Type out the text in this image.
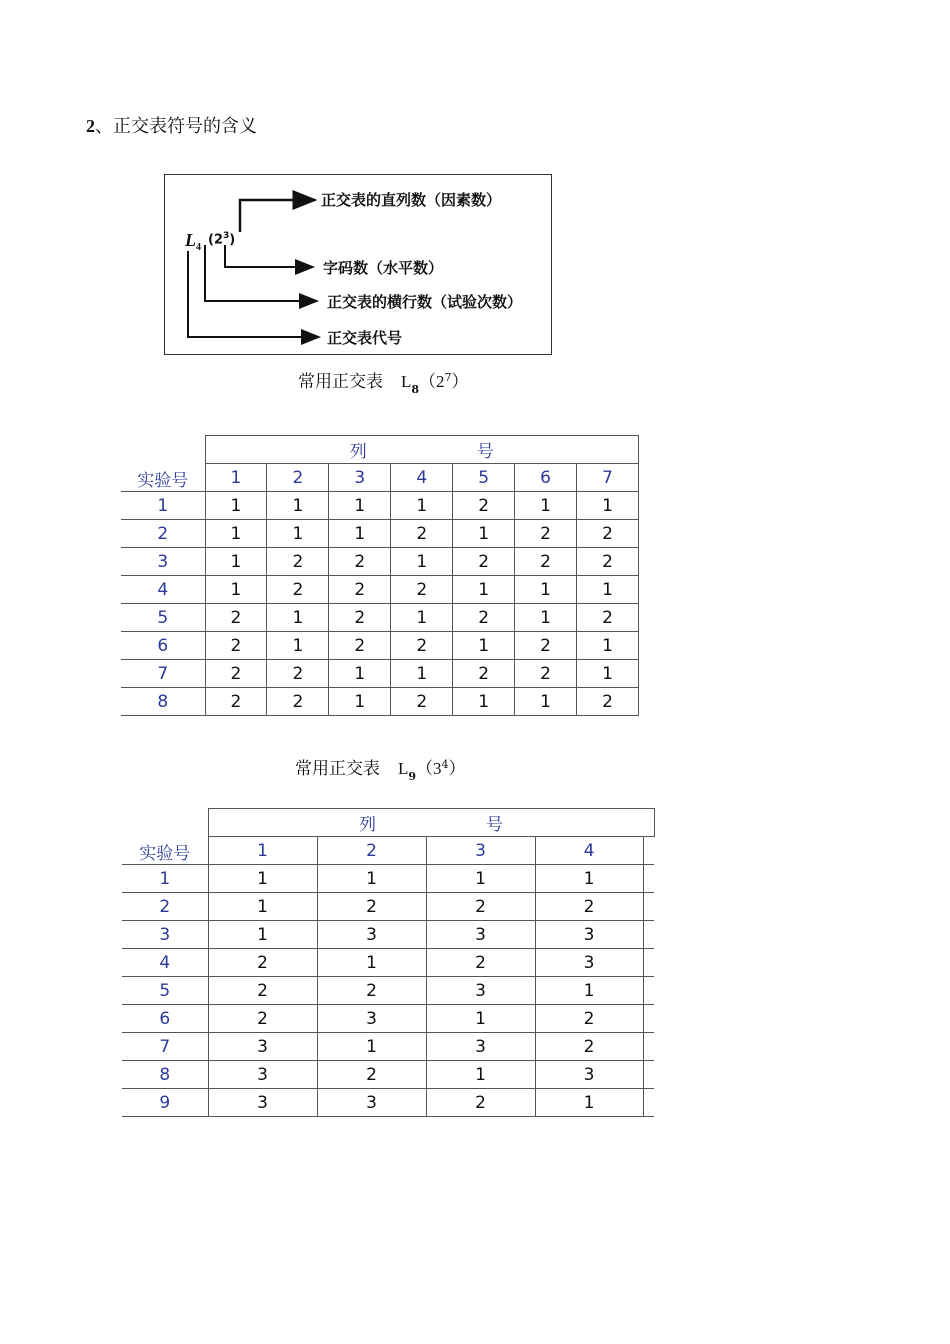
2、正交表符号的含义
$L_4$
$(2^3)$
正交表的直列数（因素数）
字码数（水平数）
正交表的横行数（试验次数）
正交表代号
常用正交表 $L_8(2^7)$
实验号	列 号						
	1	2	3	4	5	6	7
1	1	1	1	1	2	1	1
2	1	1	1	2	1	2	2
3	1	2	2	1	2	2	2
4	1	2	2	2	1	1	1
5	2	1	2	1	2	1	2
6	2	1	2	2	1	2	1
7	2	2	1	1	2	2	1
8	2	2	1	2	1	1	2
常用正交表 $L_9(3^4)$
实验号	列 号				
	1	2	3	4	
1	1	1	1	1	
2	1	2	2	2	
3	1	3	3	3	
4	2	1	2	3	
5	2	2	3	1	
6	2	3	1	2	
7	3	1	3	2	
8	3	2	1	3	
9	3	3	2	1	
